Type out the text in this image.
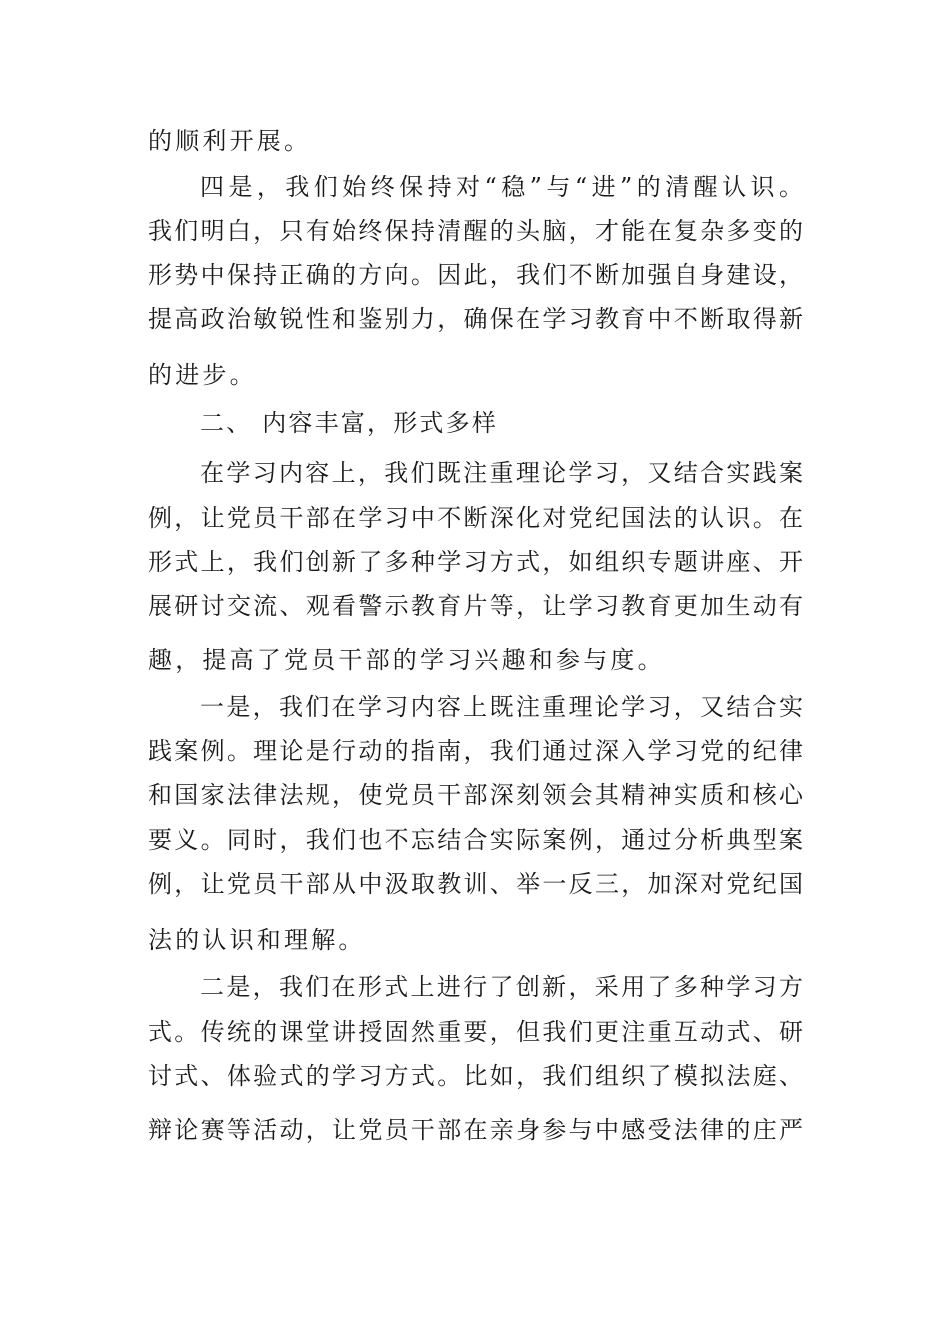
的顺利开展。
四是，我们始终保持对“稳”与“进”的清醒认识。
我们明白，只有始终保持清醒的头脑，才能在复杂多变的
形势中保持正确的方向。因此，我们不断加强自身建设，
提高政治敏锐性和鉴别力，确保在学习教育中不断取得新
的进步。
二、 内容丰富，形式多样
在学习内容上，我们既注重理论学习，又结合实践案
例，让党员干部在学习中不断深化对党纪国法的认识。在
形式上，我们创新了多种学习方式，如组织专题讲座、开
展研讨交流、观看警示教育片等，让学习教育更加生动有
趣，提高了党员干部的学习兴趣和参与度。
一是，我们在学习内容上既注重理论学习，又结合实
践案例。理论是行动的指南，我们通过深入学习党的纪律
和国家法律法规，使党员干部深刻领会其精神实质和核心
要义。同时，我们也不忘结合实际案例，通过分析典型案
例，让党员干部从中汲取教训、举一反三，加深对党纪国
法的认识和理解。
二是，我们在形式上进行了创新，采用了多种学习方
式。传统的课堂讲授固然重要，但我们更注重互动式、研
讨式、体验式的学习方式。比如，我们组织了模拟法庭、
辩论赛等活动，让党员干部在亲身参与中感受法律的庄严
